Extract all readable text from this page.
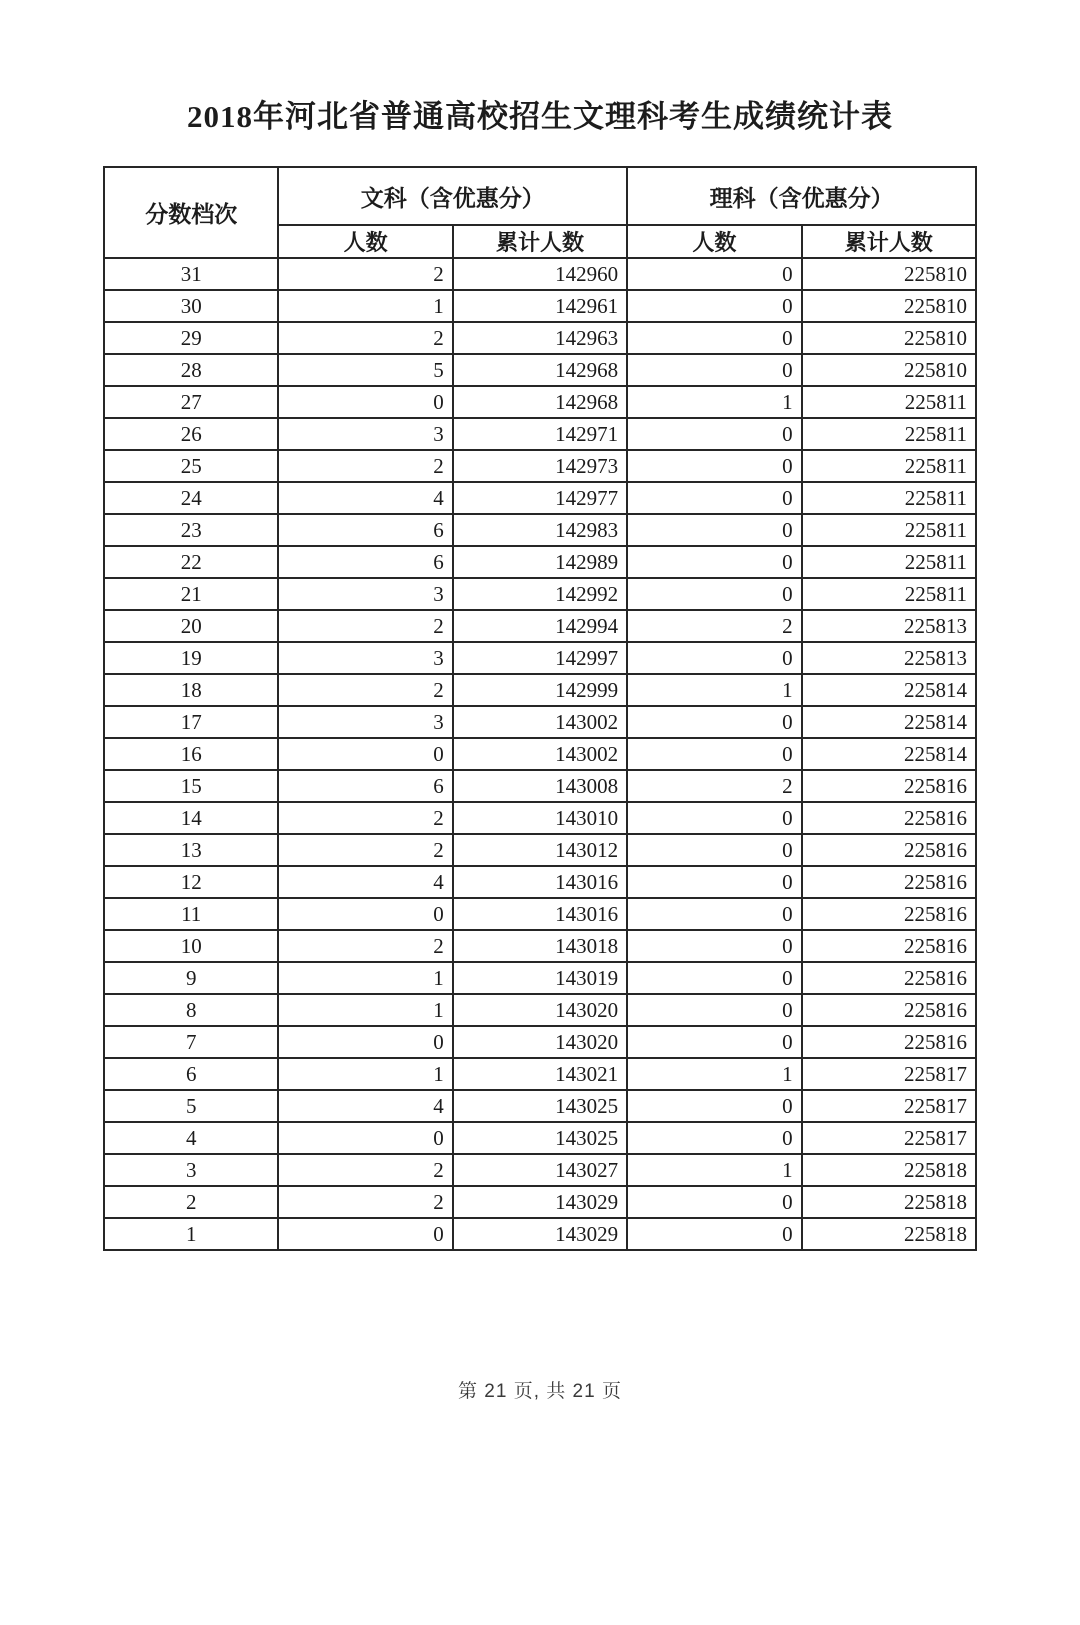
2018年河北省普通高校招生文理科考生成绩统计表
分数档次	文科（含优惠分）		理科（含优惠分）	
	人数	累计人数	人数	累计人数
31	2	142960	0	225810
30	1	142961	0	225810
29	2	142963	0	225810
28	5	142968	0	225810
27	0	142968	1	225811
26	3	142971	0	225811
25	2	142973	0	225811
24	4	142977	0	225811
23	6	142983	0	225811
22	6	142989	0	225811
21	3	142992	0	225811
20	2	142994	2	225813
19	3	142997	0	225813
18	2	142999	1	225814
17	3	143002	0	225814
16	0	143002	0	225814
15	6	143008	2	225816
14	2	143010	0	225816
13	2	143012	0	225816
12	4	143016	0	225816
11	0	143016	0	225816
10	2	143018	0	225816
9	1	143019	0	225816
8	1	143020	0	225816
7	0	143020	0	225816
6	1	143021	1	225817
5	4	143025	0	225817
4	0	143025	0	225817
3	2	143027	1	225818
2	2	143029	0	225818
1	0	143029	0	225818
第 21 页, 共 21 页
